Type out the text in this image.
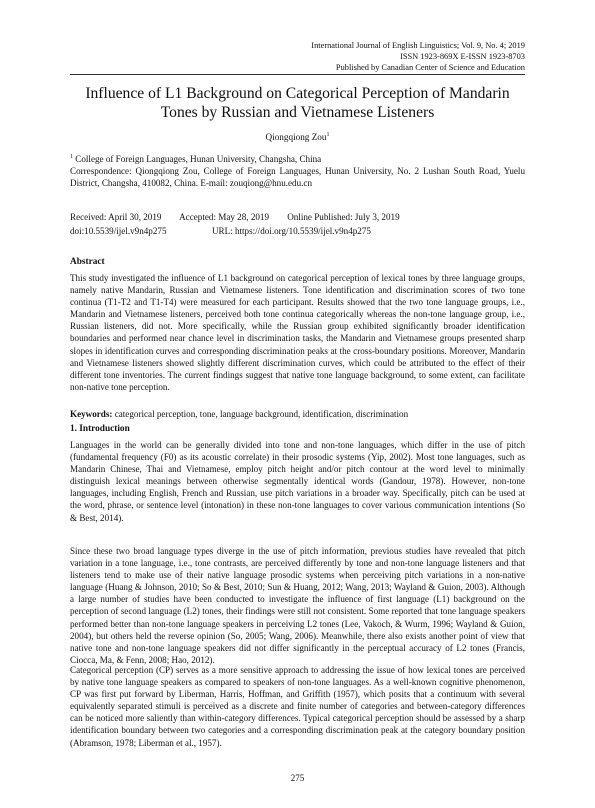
International Journal of English Linguistics; Vol. 9, No. 4; 2019
ISSN 1923-869X E-ISSN 1923-8703
Published by Canadian Center of Science and Education
Influence of L1 Background on Categorical Perception of Mandarin Tones by Russian and Vietnamese Listeners
Qiongqiong Zou$^1$
$^1$ College of Foreign Languages, Hunan University, Changsha, China
Correspondence: Qiongqiong Zou, College of Foreign Languages, Hunan University, No. 2 Lushan South Road, Yuelu District, Changsha, 410082, China. E-mail: zouqiong@hnu.edu.cn
Received: April 30, 2019        Accepted: May 28, 2019        Online Published: July 3, 2019
doi:10.5539/ijel.v9n4p275                    URL: https://doi.org/10.5539/ijel.v9n4p275
Abstract
This study investigated the influence of L1 background on categorical perception of lexical tones by three language groups, namely native Mandarin, Russian and Vietnamese listeners. Tone identification and discrimination scores of two tone continua (T1-T2 and T1-T4) were measured for each participant. Results showed that the two tone language groups, i.e., Mandarin and Vietnamese listeners, perceived both tone continua categorically whereas the non-tone language group, i.e., Russian listeners, did not. More specifically, while the Russian group exhibited significantly broader identification boundaries and performed near chance level in discrimination tasks, the Mandarin and Vietnamese groups presented sharp slopes in identification curves and corresponding discrimination peaks at the cross-boundary positions. Moreover, Mandarin and Vietnamese listeners showed slightly different discrimination curves, which could be attributed to the effect of their different tone inventories. The current findings suggest that native tone language background, to some extent, can facilitate non-native tone perception.
Keywords: categorical perception, tone, language background, identification, discrimination
1. Introduction
Languages in the world can be generally divided into tone and non-tone languages, which differ in the use of pitch (fundamental frequency (F0) as its acoustic correlate) in their prosodic systems (Yip, 2002). Most tone languages, such as Mandarin Chinese, Thai and Vietnamese, employ pitch height and/or pitch contour at the word level to minimally distinguish lexical meanings between otherwise segmentally identical words (Gandour, 1978). However, non-tone languages, including English, French and Russian, use pitch variations in a broader way. Specifically, pitch can be used at the word, phrase, or sentence level (intonation) in these non-tone languages to cover various communication intentions (So & Best, 2014).
Since these two broad language types diverge in the use of pitch information, previous studies have revealed that pitch variation in a tone language, i.e., tone contrasts, are perceived differently by tone and non-tone language listeners and that listeners tend to make use of their native language prosodic systems when perceiving pitch variations in a non-native language (Huang & Johnson, 2010; So & Best, 2010; Sun & Huang, 2012; Wang, 2013; Wayland & Guion, 2003). Although a large number of studies have been conducted to investigate the influence of first language (L1) background on the perception of second language (L2) tones, their findings were still not consistent. Some reported that tone language speakers performed better than non-tone language speakers in perceiving L2 tones (Lee, Vakoch, & Wurm, 1996; Wayland & Guion, 2004), but others held the reverse opinion (So, 2005; Wang, 2006). Meanwhile, there also exists another point of view that native tone and non-tone language speakers did not differ significantly in the perceptual accuracy of L2 tones (Francis, Ciocca, Ma, & Fenn, 2008; Hao, 2012).
Categorical perception (CP) serves as a more sensitive approach to addressing the issue of how lexical tones are perceived by native tone language speakers as compared to speakers of non-tone languages. As a well-known cognitive phenomenon, CP was first put forward by Liberman, Harris, Hoffman, and Griffith (1957), which posits that a continuum with several equivalently separated stimuli is perceived as a discrete and finite number of categories and between-category differences can be noticed more saliently than within-category differences. Typical categorical perception should be assessed by a sharp identification boundary between two categories and a corresponding discrimination peak at the category boundary position (Abramson, 1978; Liberman et al., 1957).
275
